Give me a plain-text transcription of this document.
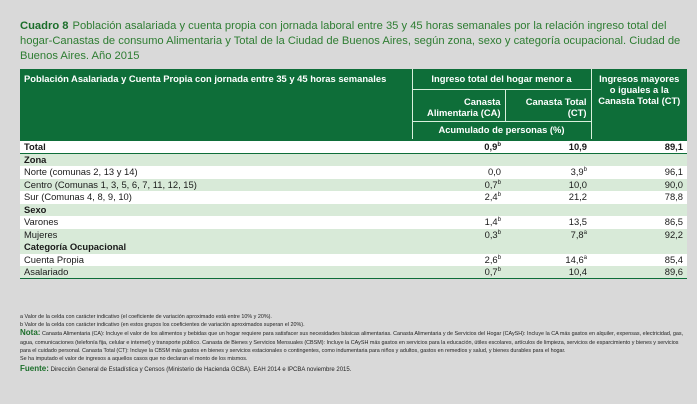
Cuadro 8 Población asalariada y cuenta propia con jornada laboral entre 35 y 45 horas semanales por la relación ingreso total del hogar-Canastas de consumo Alimentaria y Total de la Ciudad de Buenos Aires, según zona, sexo y categoría ocupacional. Ciudad de Buenos Aires. Año 2015
Población Asalariada y Cuenta Propia con jornada entre 35 y 45 horas semanales	Ingreso total del hogar menor a		Ingresos mayores o iguales a la Canasta Total (CT)
	Canasta Alimentaria (CA)	Canasta Total (CT)	
	Acumulado de personas (%)		
Total	0,9$^b$	10,9	89,1
Zona			
Norte (comunas 2, 13 y 14)	0,0	3,9$^b$	96,1
Centro (Comunas 1, 3, 5, 6, 7, 11, 12, 15)	0,7$^b$	10,0	90,0
Sur (Comunas 4, 8, 9, 10)	2,4$^b$	21,2	78,8
Sexo			
Varones	1,4$^b$	13,5	86,5
Mujeres	0,3$^b$	7,8$^a$	92,2
Categoría Ocupacional			
Cuenta Propia	2,6$^b$	14,6$^a$	85,4
Asalariado	0,7$^b$	10,4	89,6

a Valor de la celda con carácter indicativo (el coeficiente de variación aproximado está entre 10% y 20%).

b Valor de la celda con carácter indicativo (en estos grupos los coeficientes de variación aproximados superan el 20%).

Nota: Canasta Alimentaria (CA): Incluye el valor de los alimentos y bebidas que un hogar requiere para satisfacer sus necesidades básicas alimentarias. Canasta Alimentaria y de Servicios del Hogar (CAySH): Incluye la CA más gastos en alquiler, expensas, electricidad, gas, agua, comunicaciones (telefonía fija, celular e internet) y transporte público. Canasta de Bienes y Servicios Mensuales (CBSM): Incluye la CAySH más gastos en servicios para la educación, útiles escolares, artículos de limpieza, servicios de esparcimiento y bienes y servicios para el cuidado personal. Canasta Total (CT): Incluye la CBSM más gastos en bienes y servicios estacionales o contingentes, como indumentaria para niños y adultos, gastos en remedios y salud, y bienes durables para el hogar.

Se ha imputado el valor de ingresos a aquellos casos que no declaran el monto de los mismos.

Fuente: Dirección General de Estadística y Censos (Ministerio de Hacienda GCBA). EAH 2014 e IPCBA noviembre 2015.
